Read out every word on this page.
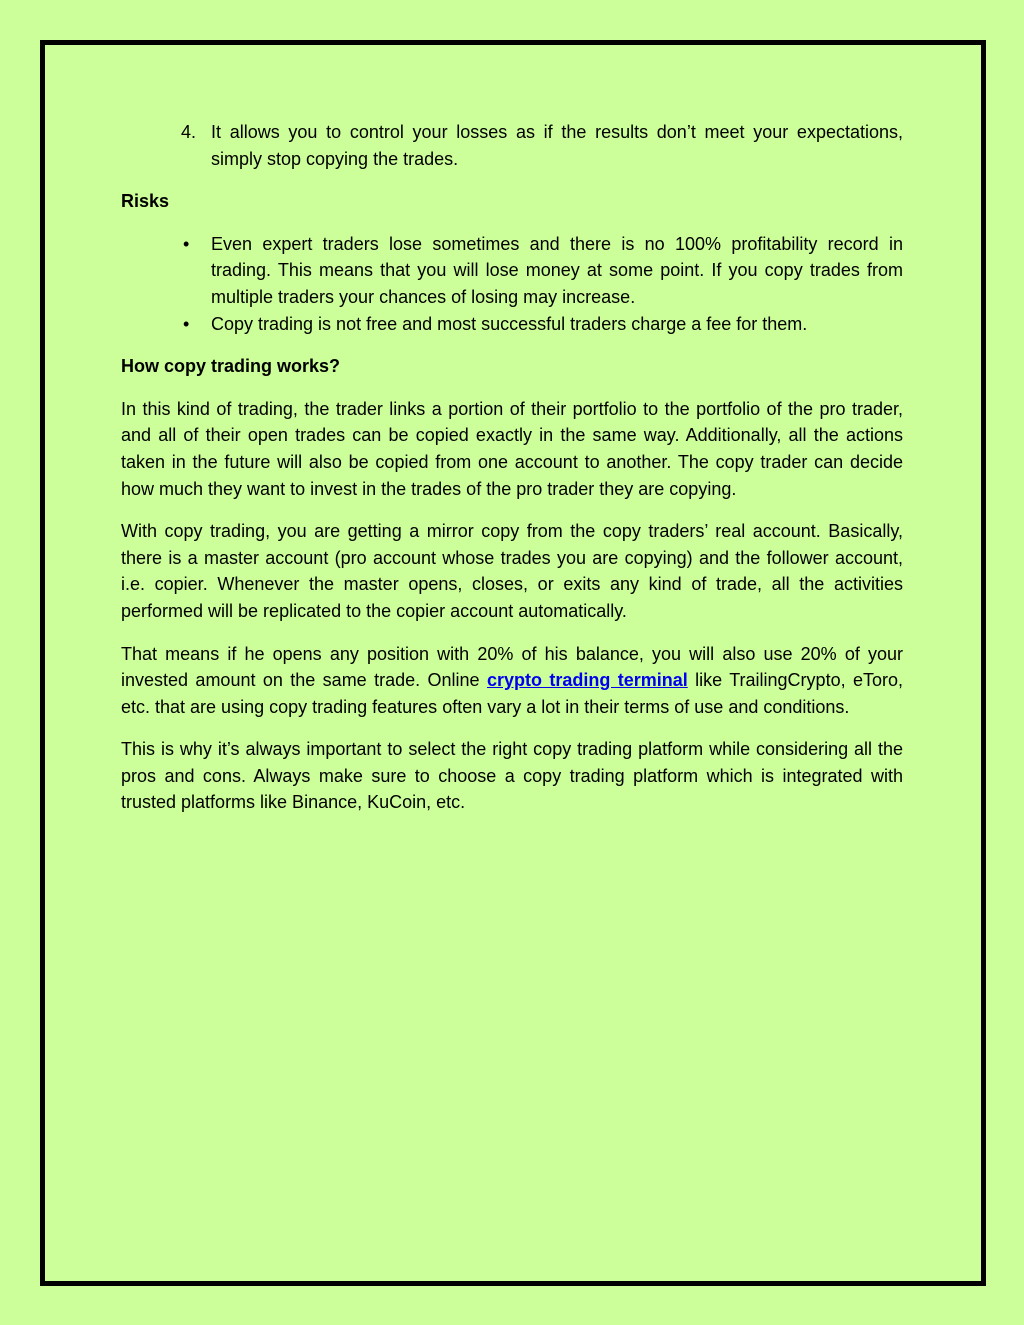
4. It allows you to control your losses as if the results don’t meet your expectations, simply stop copying the trades.

Risks

• Even expert traders lose sometimes and there is no 100% profitability record in trading. This means that you will lose money at some point. If you copy trades from multiple traders your chances of losing may increase.
• Copy trading is not free and most successful traders charge a fee for them.

How copy trading works?

In this kind of trading, the trader links a portion of their portfolio to the portfolio of the pro trader, and all of their open trades can be copied exactly in the same way. Additionally, all the actions taken in the future will also be copied from one account to another. The copy trader can decide how much they want to invest in the trades of the pro trader they are copying.

With copy trading, you are getting a mirror copy from the copy traders’ real account. Basically, there is a master account (pro account whose trades you are copying) and the follower account, i.e. copier. Whenever the master opens, closes, or exits any kind of trade, all the activities performed will be replicated to the copier account automatically.

That means if he opens any position with 20% of his balance, you will also use 20% of your invested amount on the same trade. Online crypto trading terminal like TrailingCrypto, eToro, etc. that are using copy trading features often vary a lot in their terms of use and conditions.

This is why it’s always important to select the right copy trading platform while considering all the pros and cons. Always make sure to choose a copy trading platform which is integrated with trusted platforms like Binance, KuCoin, etc.
